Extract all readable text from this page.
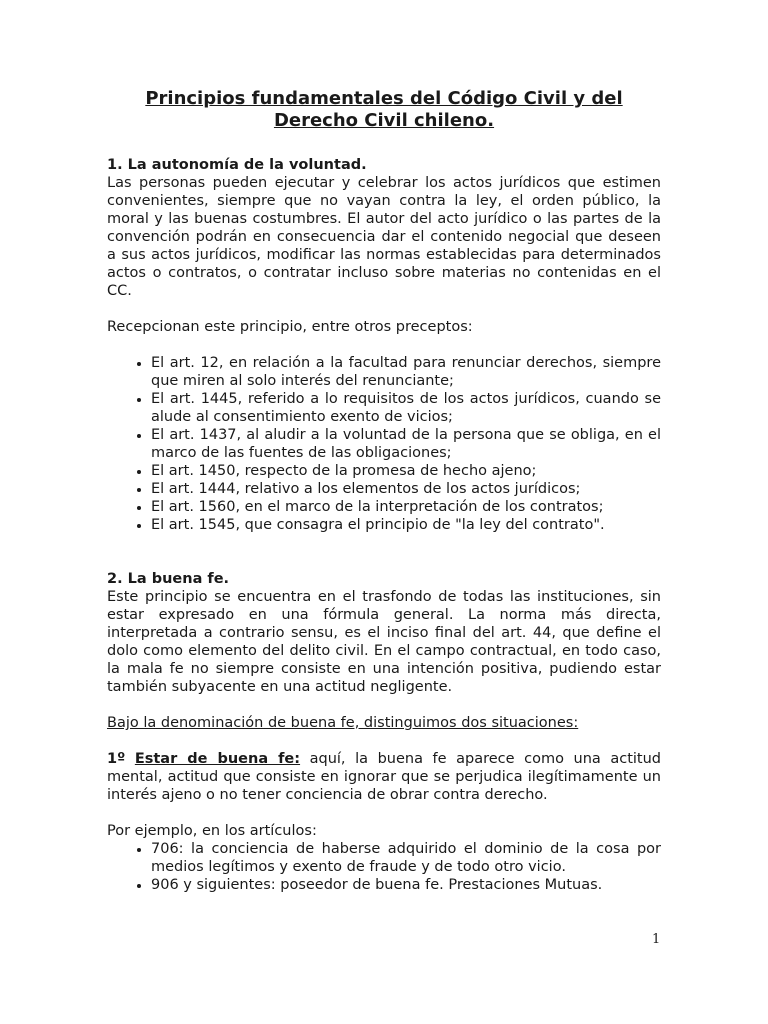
Principios fundamentales del Código Civil y del Derecho Civil chileno.
1. La autonomía de la voluntad.

Las personas pueden ejecutar y celebrar los actos jurídicos que estimen convenientes, siempre que no vayan contra la ley, el orden público, la moral y las buenas costumbres. El autor del acto jurídico o las partes de la convención podrán en consecuencia dar el contenido negocial que deseen a sus actos jurídicos, modificar las normas establecidas para determinados actos o contratos, o contratar incluso sobre materias no contenidas en el CC.

Recepcionan este principio, entre otros preceptos:

• El art. 12, en relación a la facultad para renunciar derechos, siempre que miren al solo interés del renunciante;
• El art. 1445, referido a lo requisitos de los actos jurídicos, cuando se alude al consentimiento exento de vicios;
• El art. 1437, al aludir a la voluntad de la persona que se obliga, en el marco de las fuentes de las obligaciones;
• El art. 1450, respecto de la promesa de hecho ajeno;
• El art. 1444, relativo a los elementos de los actos jurídicos;
• El art. 1560, en el marco de la interpretación de los contratos;
• El art. 1545, que consagra el principio de "la ley del contrato".
2. La buena fe.

Este principio se encuentra en el trasfondo de todas las instituciones, sin estar expresado en una fórmula general. La norma más directa, interpretada a contrario sensu, es el inciso final del art. 44, que define el dolo como elemento del delito civil. En el campo contractual, en todo caso, la mala fe no siempre consiste en una intención positiva, pudiendo estar también subyacente en una actitud negligente.

Bajo la denominación de buena fe, distinguimos dos situaciones:

1º Estar de buena fe: aquí, la buena fe aparece como una actitud mental, actitud que consiste en ignorar que se perjudica ilegítimamente un interés ajeno o no tener conciencia de obrar contra derecho.

Por ejemplo, en los artículos:

• 706: la conciencia de haberse adquirido el dominio de la cosa por medios legítimos y exento de fraude y de todo otro vicio.
• 906 y siguientes: poseedor de buena fe. Prestaciones Mutuas.
1
